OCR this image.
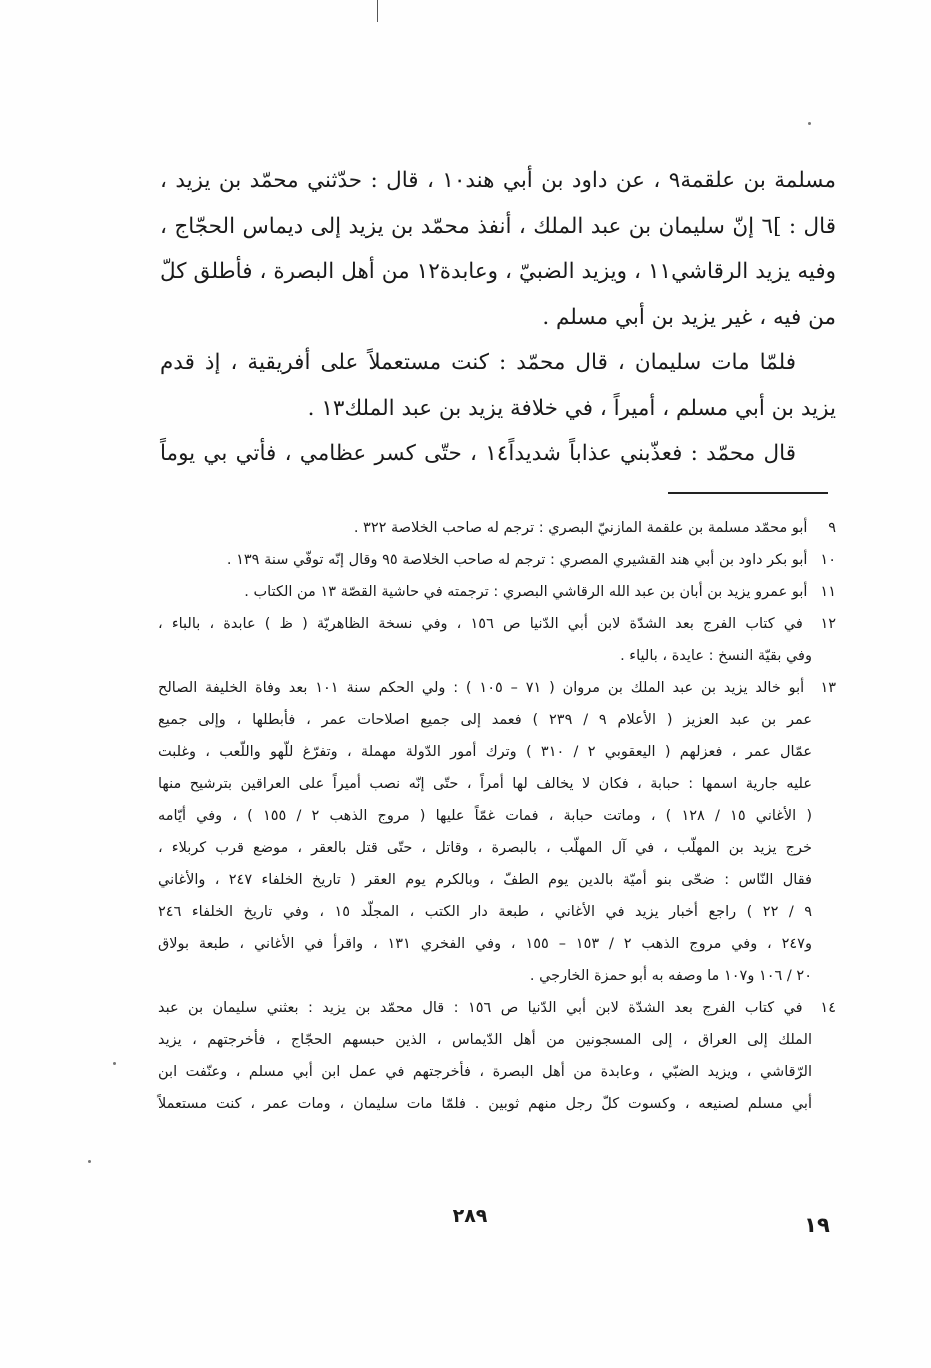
مسلمة بن علقمة٩ ، عن داود بن أبي هند١٠ ، قال : حدّثني محمّد بن يزيد ،
قال : ]٦ إنّ سليمان بن عبد الملك ، أنفذ محمّد بن يزيد إلى ديماس الحجّاج ،
وفيه يزيد الرقاشي١١ ، ويزيد الضبيّ ، وعابدة١٢ من أهل البصرة ، فأطلق كلّ
من فيه ، غير يزيد بن أبي مسلم .
فلمّا مات سليمان ، قال محمّد : كنت مستعملاً على أفريقية ، إذ قدم
يزيد بن أبي مسلم ، أميراً ، في خلافة يزيد بن عبد الملك١٣ .
قال محمّد : فعذّبني عذاباً شديداً١٤ ، حتّى كسر عظامي ، فأتي بي يوماً
٩ أبو محمّد مسلمة بن علقمة المازنيّ البصري : ترجم له صاحب الخلاصة ٣٢٢ .
١٠ أبو بكر داود بن أبي هند القشيري المصري : ترجم له صاحب الخلاصة ٩٥ وقال إنّه توفّي سنة ١٣٩ .
١١ أبو عمرو يزيد بن أبان بن عبد الله الرقاشي البصري : ترجمته في حاشية القصّة ١٣ من الكتاب .
١٢ في كتاب الفرج بعد الشدّة لابن أبي الدّنيا ص ١٥٦ ، وفي نسخة الظاهريّة ( ظ ) عابدة ، بالباء ،
وفي بقيّة النسخ : عايدة ، بالياء .
١٣ أبو خالد يزيد بن عبد الملك بن مروان ( ٧١ – ١٠٥ ) : ولي الحكم سنة ١٠١ بعد وفاة الخليفة الصالح
عمر بن عبد العزيز ( الأعلام ٩ / ٢٣٩ ) فعمد إلى جميع اصلاحات عمر ، فأبطلها ، وإلى جميع
عمّال عمر ، فعزلهم ( اليعقوبي ٢ / ٣١٠ ) وترك أمور الدّولة مهملة ، وتفرّغ للّهو واللّعب ، وغلبت
عليه جارية اسمها : حبابة ، فكان لا يخالف لها أمراً ، حتّى إنّه نصب أميراً على العراقين بترشيح منها
( الأغاني ١٥ / ١٢٨ ) ، وماتت حبابة ، فمات غمّاً عليها ( مروج الذهب ٢ / ١٥٥ ) ، وفي أيّامه
خرج يزيد بن المهلّب ، في آل المهلّب ، بالبصرة ، وقاتل ، حتّى قتل بالعقر ، موضع قرب كربلاء ،
فقال النّاس : ضحّى بنو أميّة بالدين يوم الطفّ ، وبالكرم يوم العقر ( تاريخ الخلفاء ٢٤٧ ، والأغاني
٩ / ٢٢ ) راجع أخبار يزيد في الأغاني ، طبعة دار الكتب ، المجلّد ١٥ ، وفي تاريخ الخلفاء ٢٤٦
و٢٤٧ ، وفي مروج الذهب ٢ / ١٥٣ – ١٥٥ ، وفي الفخري ١٣١ ، واقرأ في الأغاني ، طبعة بولاق
٢٠ / ١٠٦ و١٠٧ ما وصفه به أبو حمزة الخارجي .
١٤ في كتاب الفرج بعد الشدّة لابن أبي الدّنيا ص ١٥٦ : قال محمّد بن يزيد : بعثني سليمان بن عبد
الملك إلى العراق ، إلى المسجونين من أهل الدّيماس ، الذين حبسهم الحجّاج ، فأخرجتهم ، يزيد
الرّقاشي ، ويزيد الضبّي ، وعابدة من أهل البصرة ، فأخرجتهم في عمل ابن أبي مسلم ، وعنّفت ابن
أبي مسلم لصنيعه ، وكسوت كلّ رجل منهم ثوبين . فلمّا مات سليمان ، ومات عمر ، كنت مستعملاً
٢٨٩	١٩
